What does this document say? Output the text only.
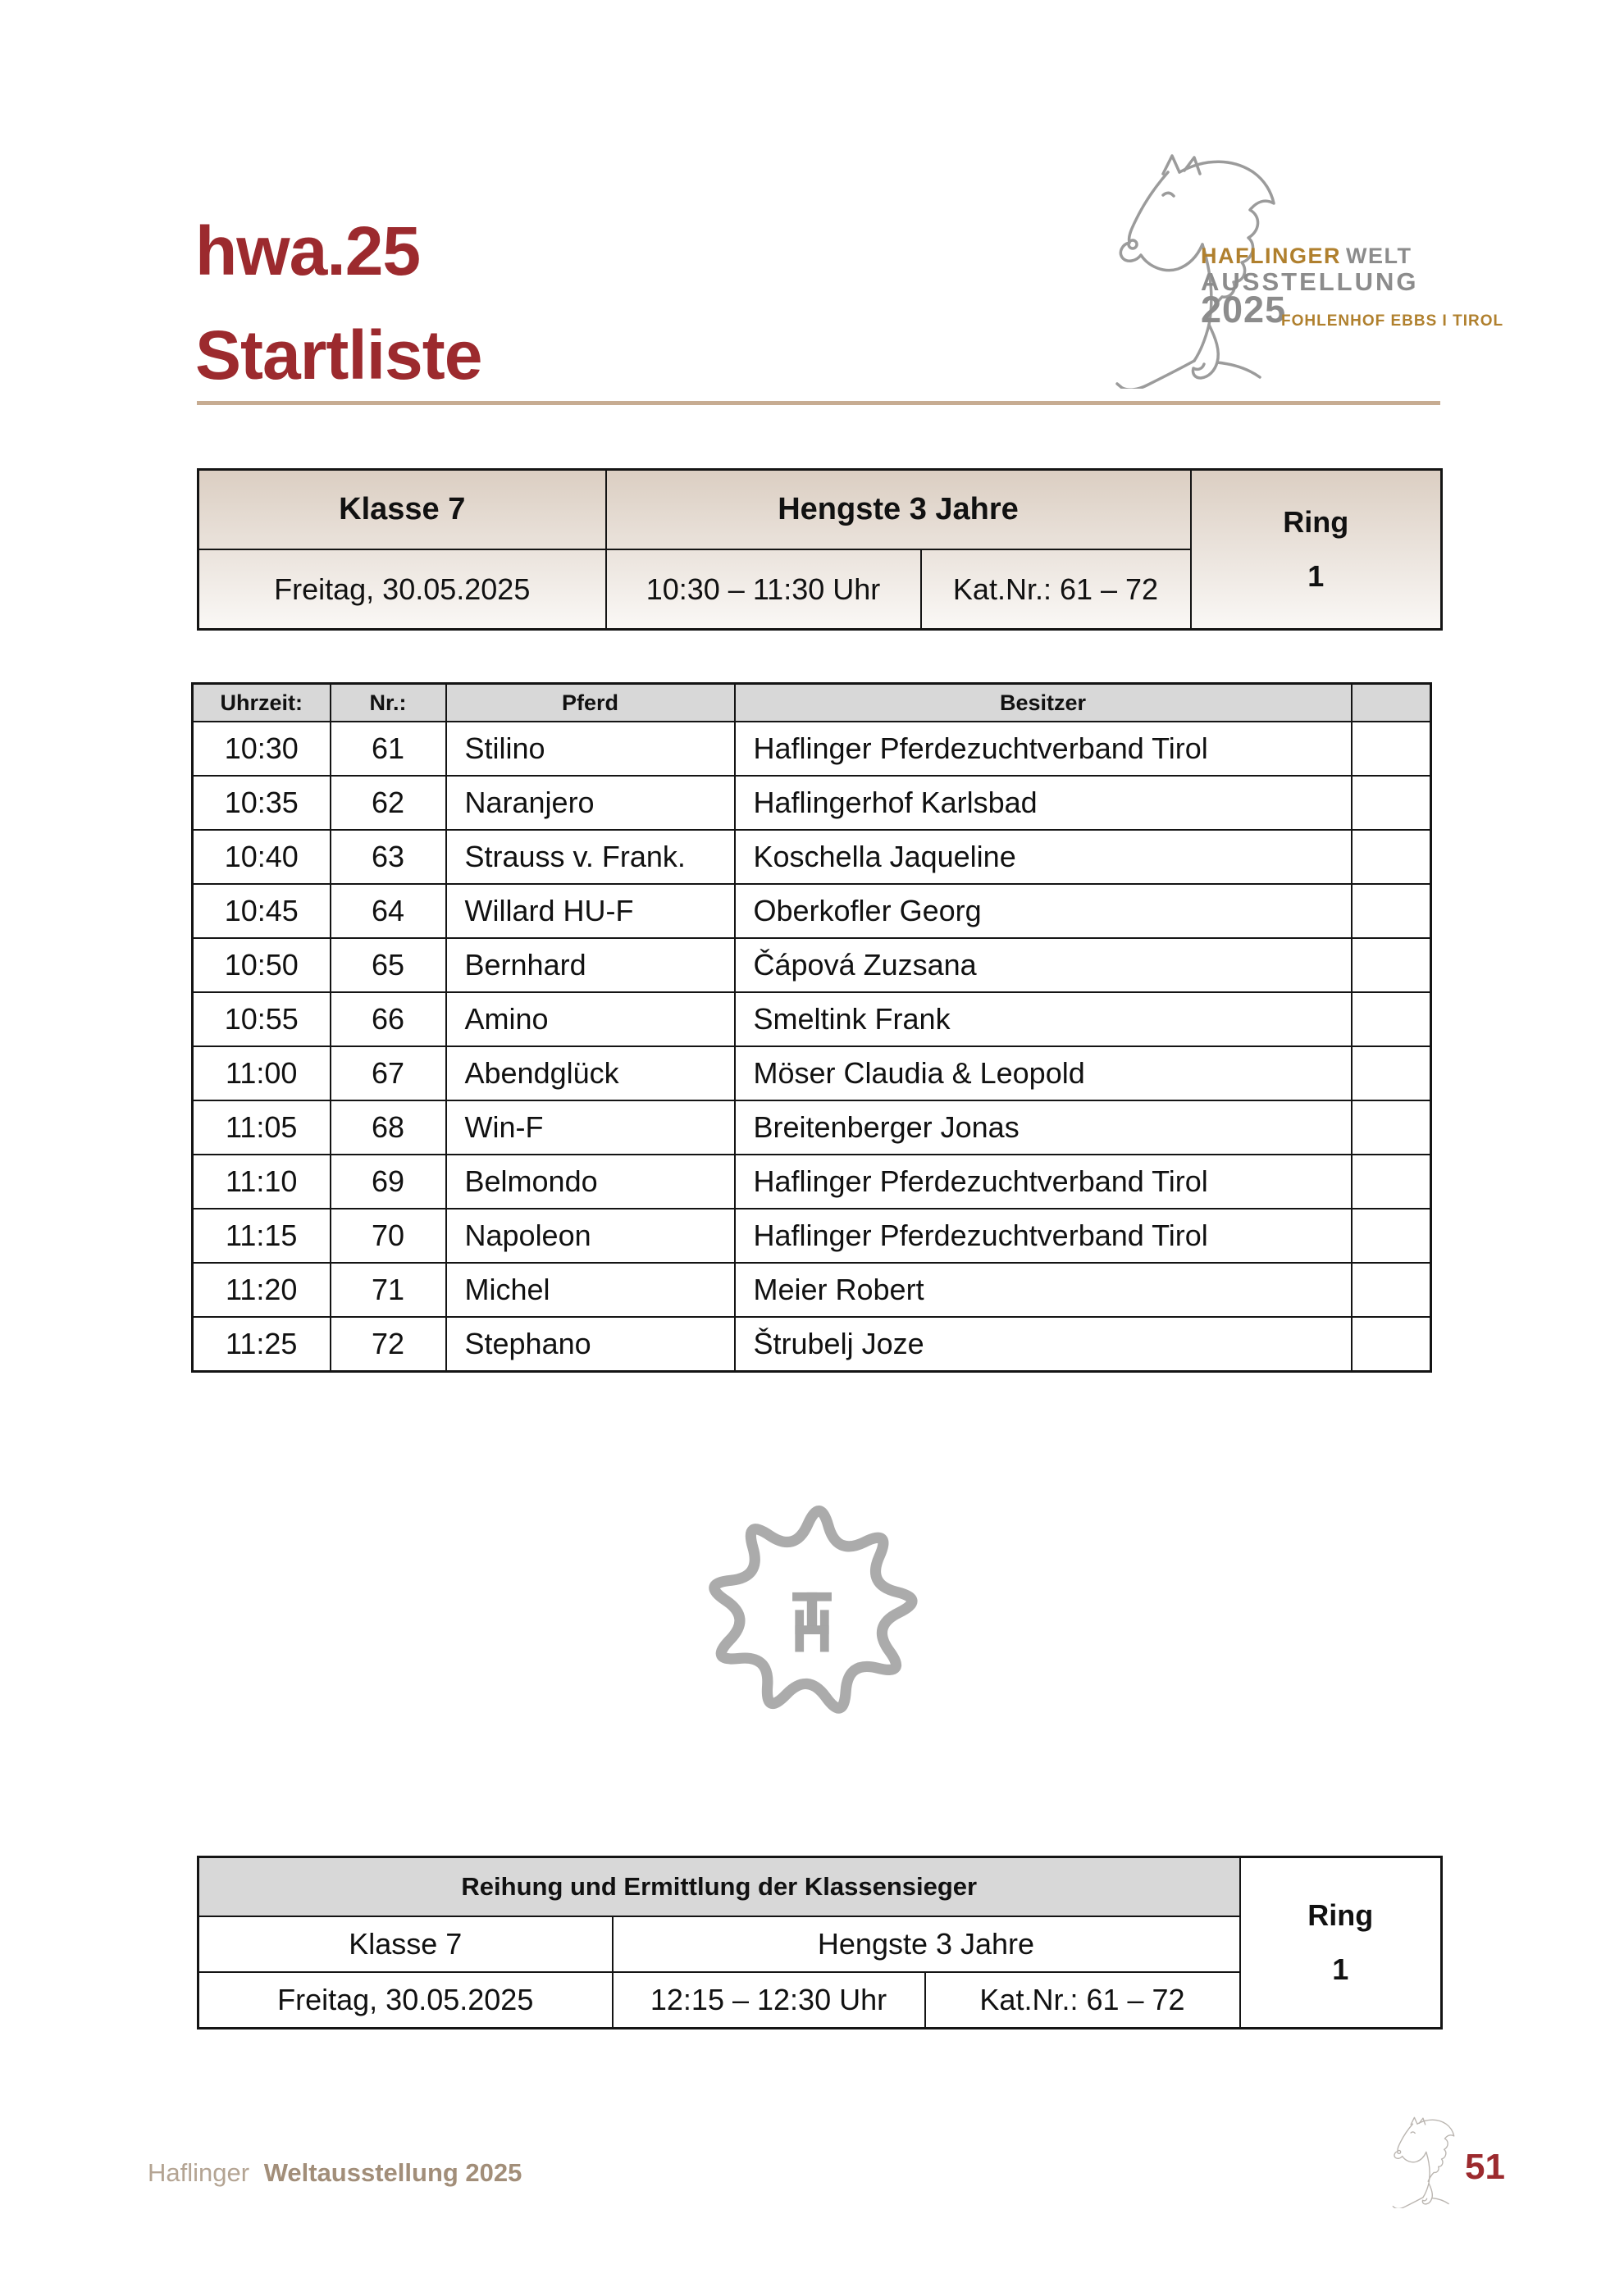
hwa.25
Startliste
HAFLINGER WELT
AUSSTELLUNG
2025
FOHLENHOF EBBS I TIROL
Klasse 7	Hengste 3 Jahre		Ring
1

Freitag, 30.05.2025	10:30 – 11:30 Uhr	Kat.Nr.: 61 – 72	
Uhrzeit:	Nr.:	Pferd	Besitzer	
10:30	61	Stilino	Haflinger Pferdezuchtverband Tirol	
10:35	62	Naranjero	Haflingerhof Karlsbad	
10:40	63	Strauss v. Frank.	Koschella Jaqueline	
10:45	64	Willard HU-F	Oberkofler Georg	
10:50	65	Bernhard	Čápová Zuzsana	
10:55	66	Amino	Smeltink Frank	
11:00	67	Abendglück	Möser Claudia & Leopold	
11:05	68	Win-F	Breitenberger Jonas	
11:10	69	Belmondo	Haflinger Pferdezuchtverband Tirol	
11:15	70	Napoleon	Haflinger Pferdezuchtverband Tirol	
11:20	71	Michel	Meier Robert	
11:25	72	Stephano	Štrubelj Joze	
Reihung und Ermittlung der Klassensieger			Ring
1

Klasse 7	Hengste 3 Jahre		
Freitag, 30.05.2025	12:15 – 12:30 Uhr	Kat.Nr.: 61 – 72	
Haflinger Weltausstellung 2025	51
